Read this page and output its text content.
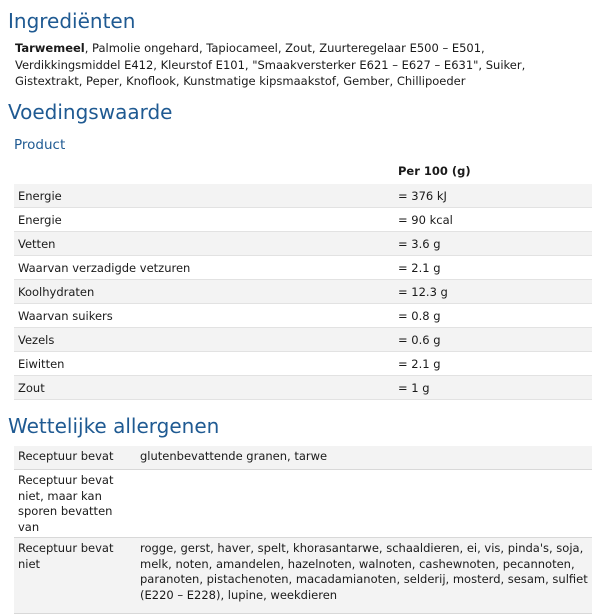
Ingrediënten
Tarwemeel, Palmolie ongehard, Tapiocameel, Zout, Zuurteregelaar E500 – E501, Verdikkingsmiddel E412, Kleurstof E101, "Smaakversterker E621 – E627 – E631", Suiker, Gistextrakt, Peper, Knoflook, Kunstmatige kipsmaakstof, Gember, Chillipoeder
Voedingswaarde
Product
	Per 100 (g)
Energie	= 376 kJ
Energie	= 90 kcal
Vetten	= 3.6 g
Waarvan verzadigde vetzuren	= 2.1 g
Koolhydraten	= 12.3 g
Waarvan suikers	= 0.8 g
Vezels	= 0.6 g
Eiwitten	= 2.1 g
Zout	= 1 g
Wettelijke allergenen
Receptuur bevat	glutenbevattende granen, tarwe
Receptuur bevat niet, maar kan sporen bevatten van	
Receptuur bevat niet	rogge, gerst, haver, spelt, khorasantarwe, schaaldieren, ei, vis, pinda's, soja, melk, noten, amandelen, hazelnoten, walnoten, cashewnoten, pecannoten, paranoten, pistachenoten, macadamianoten, selderij, mosterd, sesam, sulfiet (E220 – E228), lupine, weekdieren
